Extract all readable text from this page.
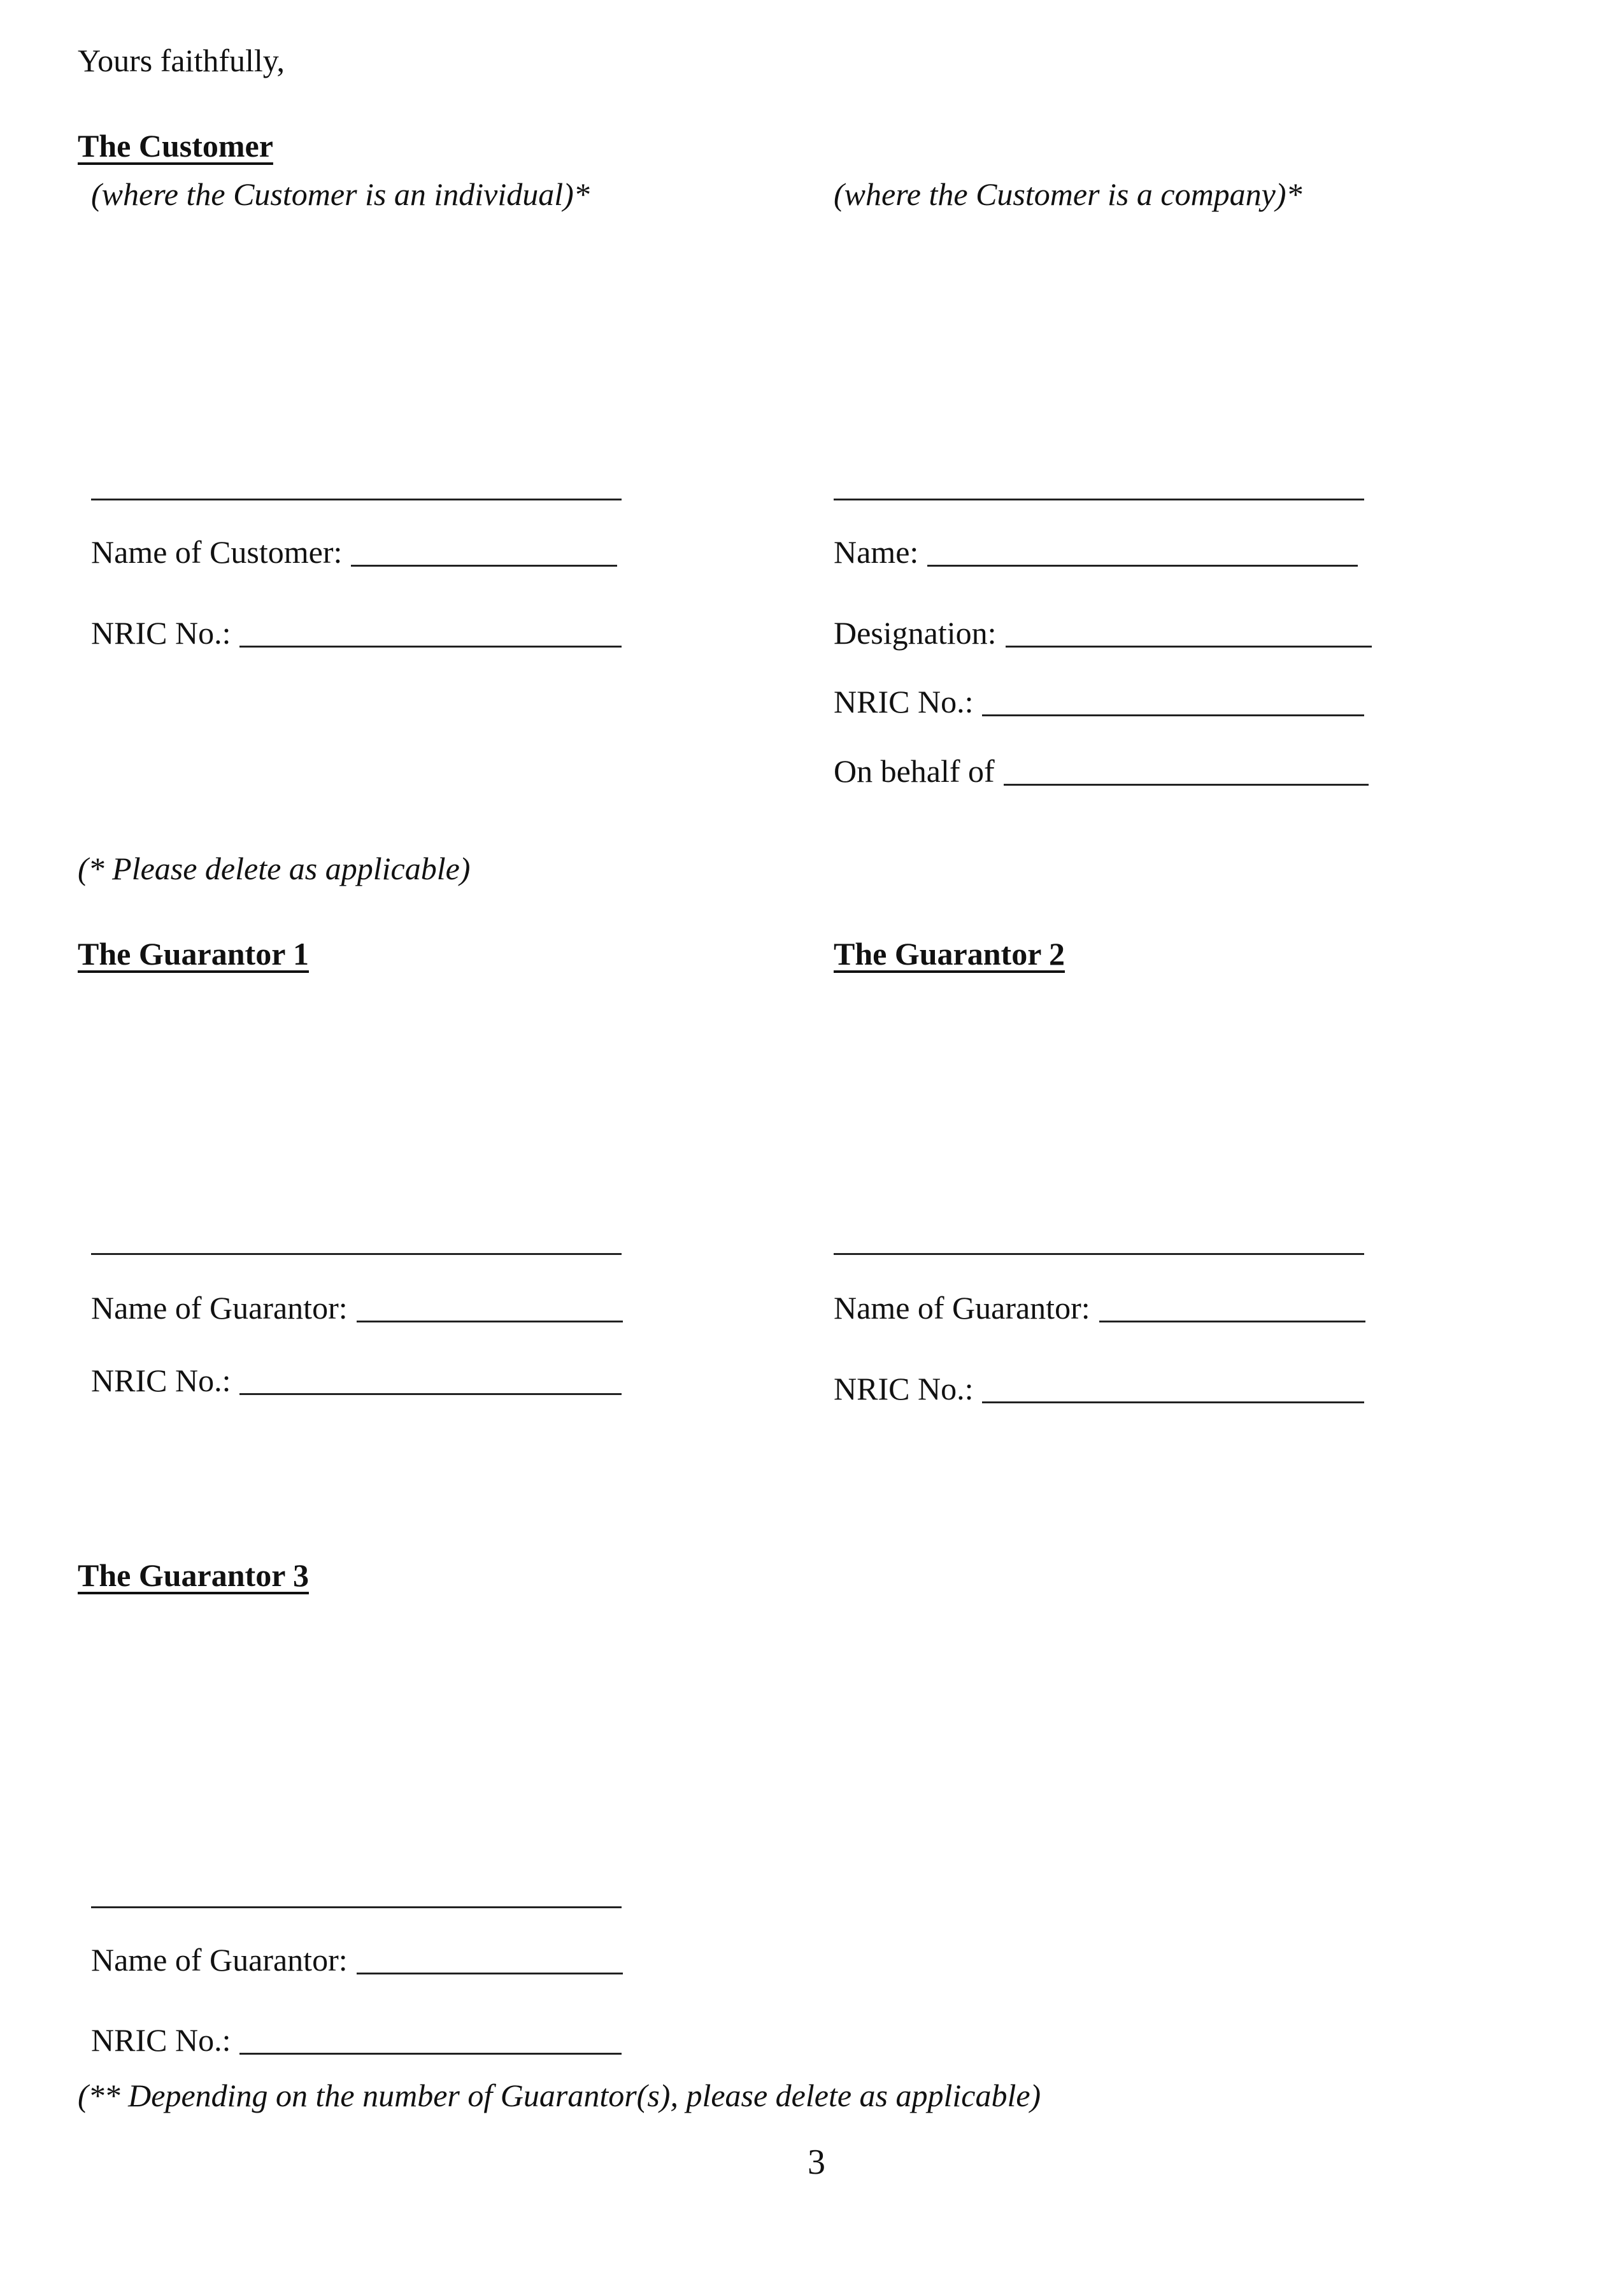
Yours faithfully,
The Customer
(where the Customer is an individual)*	(where the Customer is a company)*
Name of Customer:
NRIC No.:
Name:
Designation:
NRIC No.:
On behalf of
(* Please delete as applicable)
The Guarantor 1
Name of Guarantor:
NRIC No.:
The Guarantor 2
Name of Guarantor:
NRIC No.:
The Guarantor 3
Name of Guarantor:
NRIC No.:
(** Depending on the number of Guarantor(s), please delete as applicable)
3
